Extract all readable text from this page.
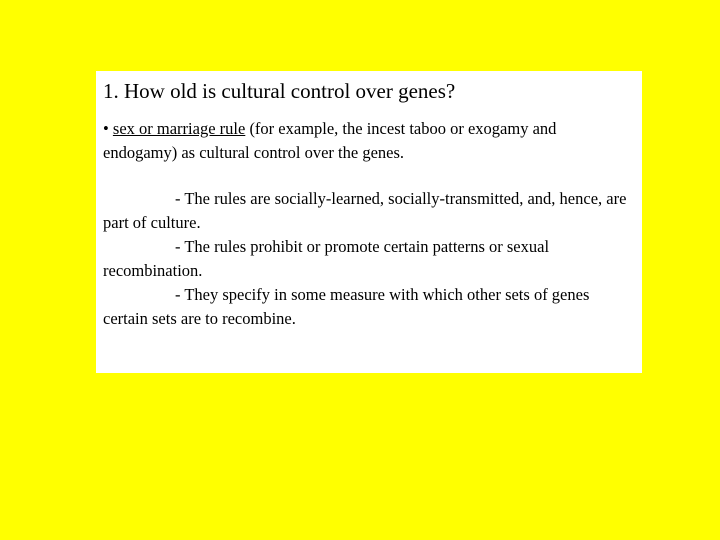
1. How old is cultural control over genes?
• sex or marriage rule (for example, the incest taboo or exogamy and endogamy) as cultural control over the genes.
- The rules are socially-learned, socially-transmitted, and, hence, are part of culture.
- The rules prohibit or promote certain patterns or sexual recombination.
- They specify in some measure with which other sets of genes certain sets are to recombine.
